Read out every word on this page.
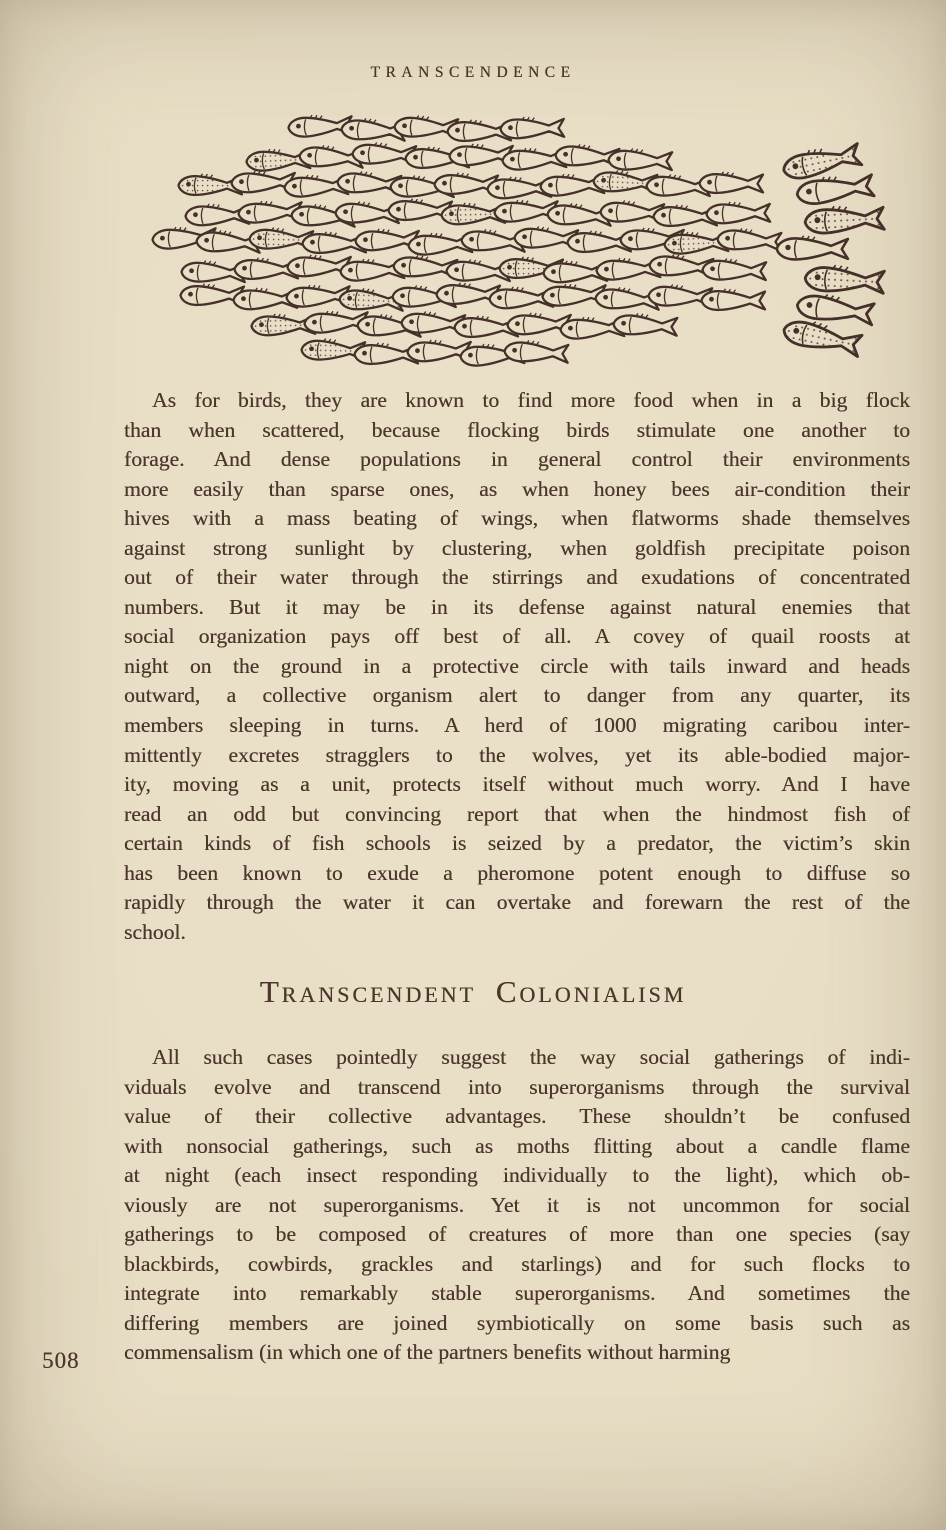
TRANSCENDENCE
As for birds, they are known to find more food when in a big flock
than when scattered, because flocking birds stimulate one another to
forage. And dense populations in general control their environments
more easily than sparse ones, as when honey bees air-condition their
hives with a mass beating of wings, when flatworms shade themselves
against strong sunlight by clustering, when goldfish precipitate poison
out of their water through the stirrings and exudations of concentrated
numbers. But it may be in its defense against natural enemies that
social organization pays off best of all. A covey of quail roosts at
night on the ground in a protective circle with tails inward and heads
outward, a collective organism alert to danger from any quarter, its
members sleeping in turns. A herd of 1000 migrating caribou inter-
mittently excretes stragglers to the wolves, yet its able-bodied major-
ity, moving as a unit, protects itself without much worry. And I have
read an odd but convincing report that when the hindmost fish of
certain kinds of fish schools is seized by a predator, the victim’s skin
has been known to exude a pheromone potent enough to diffuse so
rapidly through the water it can overtake and forewarn the rest of the
school.
Transcendent Colonialism
All such cases pointedly suggest the way social gatherings of indi-
viduals evolve and transcend into superorganisms through the survival
value of their collective advantages. These shouldn’t be confused
with nonsocial gatherings, such as moths flitting about a candle flame
at night (each insect responding individually to the light), which ob-
viously are not superorganisms. Yet it is not uncommon for social
gatherings to be composed of creatures of more than one species (say
blackbirds, cowbirds, grackles and starlings) and for such flocks to
integrate into remarkably stable superorganisms. And sometimes the
differing members are joined symbiotically on some basis such as
commensalism (in which one of the partners benefits without harming
508
